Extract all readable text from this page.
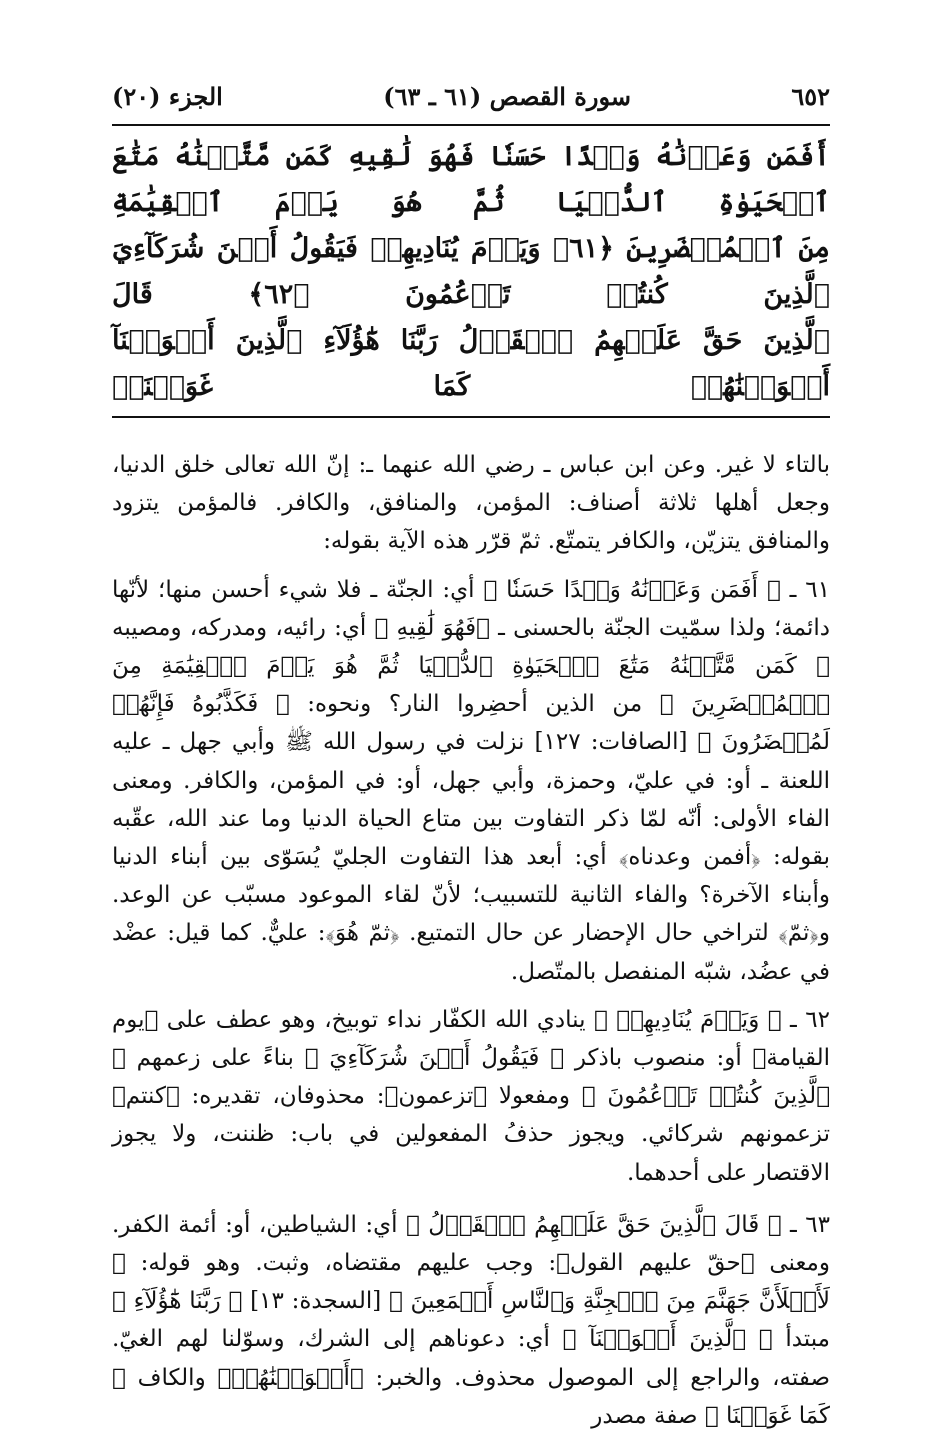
٦٥٢
سورة القصص (٦١ ـ ٦٣)
الجزء (٢٠)
أَفَمَن وَعَدۡنَٰهُ وَعۡدًا حَسَنٗا فَهُوَ لَٰقِيهِ كَمَن مَّتَّعۡنَٰهُ مَتَٰعَ ٱلۡحَيَوٰةِ ٱلدُّنۡيَا ثُمَّ هُوَ يَوۡمَ ٱلۡقِيَٰمَةِ
مِنَ ٱلۡمُحۡضَرِينَ ﴿٦١﴾ وَيَوۡمَ يُنَادِيهِمۡ فَيَقُولُ أَيۡنَ شُرَكَآءِيَ ٱلَّذِينَ كُنتُمۡ تَزۡعُمُونَ ﴿٦٢﴾ قَالَ
ٱلَّذِينَ حَقَّ عَلَيۡهِمُ ٱلۡقَوۡلُ رَبَّنَا هَٰٓؤُلَآءِ ٱلَّذِينَ أَغۡوَيۡنَآ أَغۡوَيۡنَٰهُمۡ كَمَا غَوَيۡنَاۖ

بالتاء لا غير. وعن ابن عباس ـ رضي الله عنهما ـ: إنّ الله تعالى خلق الدنيا، وجعل أهلها ثلاثة أصناف: المؤمن، والمنافق، والكافر. فالمؤمن يتزود والمنافق يتزيّن، والكافر يتمتّع. ثمّ قرّر هذه الآية بقوله:

٦١ ـ ﴿ أَفَمَن وَعَدۡنَٰهُ وَعۡدًا حَسَنٗا ﴾ أي: الجنّة ـ فلا شيء أحسن منها؛ لأنّها دائمة؛ ولذا سمّيت الجنّة بالحسنى ـ ﴿فَهُوَ لَٰقِيهِ ﴾ أي: رائيه، ومدركه، ومصيبه ﴿ كَمَن مَّتَّعۡنَٰهُ مَتَٰعَ ٱلۡحَيَوٰةِ ٱلدُّنۡيَا ثُمَّ هُوَ يَوۡمَ ٱلۡقِيَٰمَةِ مِنَ ٱلۡمُحۡضَرِينَ ﴾ من الذين أحضِروا النار؟ ونحوه: ﴿ فَكَذَّبُوهُ فَإِنَّهُمۡ لَمُحۡضَرُونَ ﴾ [الصافات: ١٢٧] نزلت في رسول الله ﷺ وأبي جهل ـ عليه اللعنة ـ أو: في عليّ، وحمزة، وأبي جهل، أو: في المؤمن، والكافر. ومعنى الفاء الأولى: أنّه لمّا ذكر التفاوت بين متاع الحياة الدنيا وما عند الله، عقّبه بقوله: ﴿أفمن وعدناه﴾ أي: أبعد هذا التفاوت الجليّ يُسَوّى بين أبناء الدنيا وأبناء الآخرة؟ والفاء الثانية للتسبيب؛ لأنّ لقاء الموعود مسبّب عن الوعد. و﴿ثمّ﴾ لتراخي حال الإحضار عن حال التمتيع. ﴿ثمّ هُوَ﴾: عليٌّ. كما قيل: عضْد في عضُد، شبّه المنفصل بالمتّصل.

٦٢ ـ ﴿ وَيَوۡمَ يُنَادِيهِمۡ ﴾ ينادي الله الكفّار نداء توبيخ، وهو عطف على ﴿يوم القيامة﴾ أو: منصوب باذكر ﴿ فَيَقُولُ أَيۡنَ شُرَكَآءِيَ ﴾ بناءً على زعمهم ﴿ ٱلَّذِينَ كُنتُمۡ تَزۡعُمُونَ ﴾ ومفعولا ﴿تزعمون﴾: محذوفان، تقديره: ﴿كنتم﴾ تزعمونهم شركائي. ويجوز حذفُ المفعولين في باب: ظننت، ولا يجوز الاقتصار على أحدهما.

٦٣ ـ ﴿ قَالَ ٱلَّذِينَ حَقَّ عَلَيۡهِمُ ٱلۡقَوۡلُ ﴾ أي: الشياطين، أو: أئمة الكفر. ومعنى ﴿حقّ عليهم القول﴾: وجب عليهم مقتضاه، وثبت. وهو قوله: ﴿ لَأَمۡلَأَنَّ جَهَنَّمَ مِنَ ٱلۡجِنَّةِ وَٱلنَّاسِ أَجۡمَعِينَ ﴾ [السجدة: ١٣] ﴿ رَبَّنَا هَٰٓؤُلَآءِ ﴾ مبتدأ ﴿ ٱلَّذِينَ أَغۡوَيۡنَآ ﴾ أي: دعوناهم إلى الشرك، وسوّلنا لهم الغيّ. صفته، والراجع إلى الموصول محذوف. والخبر: ﴿أَغۡوَيۡنَٰهُمۡ﴾ والكاف ﴿ كَمَا غَوَيۡنَا ﴾ صفة مصدر
